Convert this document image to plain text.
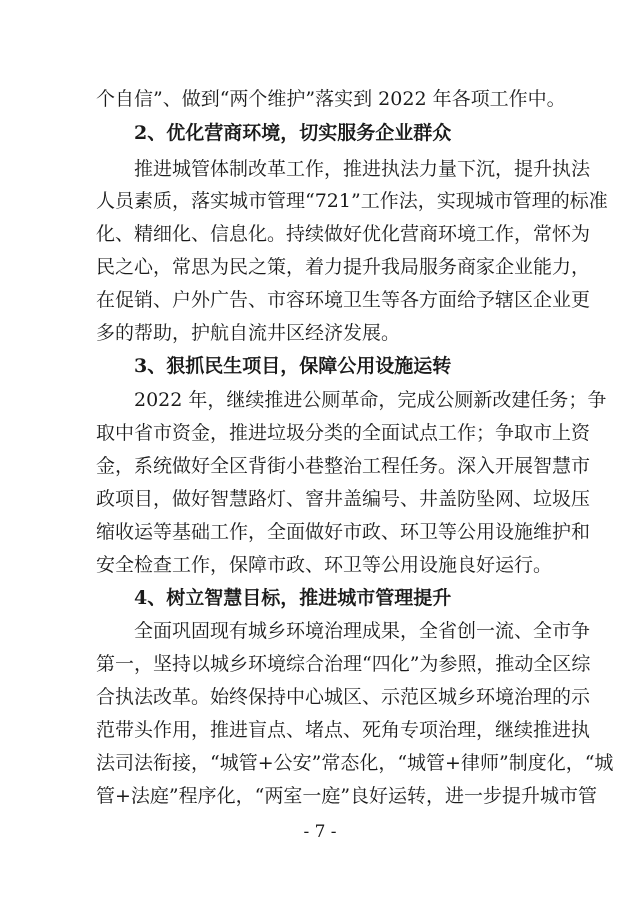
个自信”、做到“两个维护”落实到 2022 年各项工作中。
2、优化营商环境，切实服务企业群众
推进城管体制改革工作，推进执法力量下沉，提升执法
人员素质，落实城市管理“721”工作法，实现城市管理的标准
化、精细化、信息化。持续做好优化营商环境工作，常怀为
民之心，常思为民之策，着力提升我局服务商家企业能力，
在促销、户外广告、市容环境卫生等各方面给予辖区企业更
多的帮助，护航自流井区经济发展。
3、狠抓民生项目，保障公用设施运转
2022 年，继续推进公厕革命，完成公厕新改建任务；争
取中省市资金，推进垃圾分类的全面试点工作；争取市上资
金，系统做好全区背街小巷整治工程任务。深入开展智慧市
政项目，做好智慧路灯、窨井盖编号、井盖防坠网、垃圾压
缩收运等基础工作，全面做好市政、环卫等公用设施维护和
安全检查工作，保障市政、环卫等公用设施良好运行。
4、树立智慧目标，推进城市管理提升
全面巩固现有城乡环境治理成果，全省创一流、全市争
第一，坚持以城乡环境综合治理“四化”为参照，推动全区综
合执法改革。始终保持中心城区、示范区城乡环境治理的示
范带头作用，推进盲点、堵点、死角专项治理，继续推进执
法司法衔接，“城管+公安”常态化，“城管+律师”制度化，“城
管+法庭”程序化，“两室一庭”良好运转，进一步提升城市管
- 7 -
